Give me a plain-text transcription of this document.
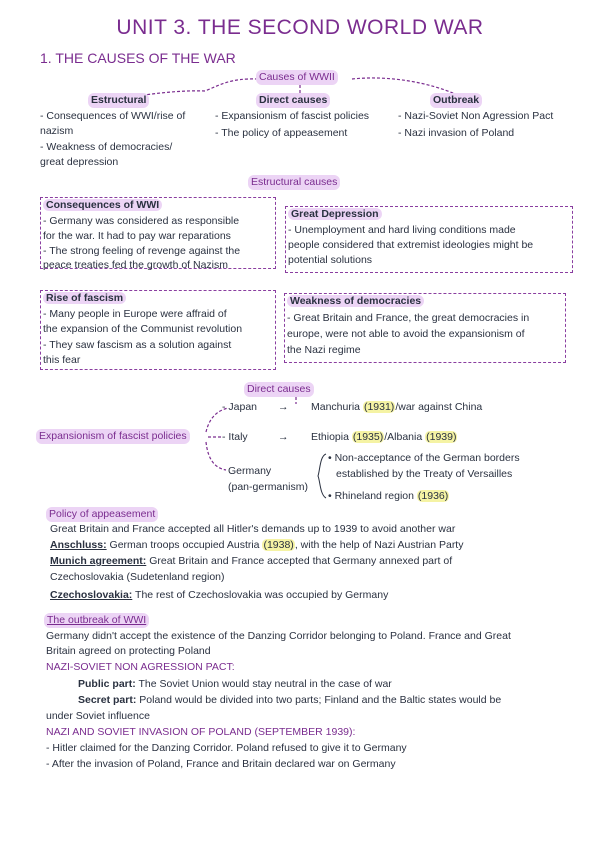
UNIT 3. THE SECOND WORLD WAR
1. THE CAUSES OF THE WAR
Causes of WWII
Estructural
- Consequences of WWI/rise of
nazism
- Weakness of democracies/
great depression
Direct causes
- Expansionism of fascist policies
- The policy of appeasement
Outbreak
- Nazi-Soviet Non Agression Pact
- Nazi invasion of Poland
Estructural causes
Consequences of WWI
- Germany was considered as responsible
for the war. It had to pay war reparations
- The strong feeling of revenge against the
peace treaties fed the growth of Nazism
Great Depression
- Unemployment and hard living conditions made
people considered that extremist ideologies might be
potential solutions
Rise of fascism
- Many people in Europe were affraid of
the expansion of the Communist revolution
- They saw fascism as a solution against
this fear
Weakness of democracies
- Great Britain and France, the great democracies in
europe, were not able to avoid the expansionism of
the Nazi regime
Direct causes
Expansionism of fascist policies
- Japan → Manchuria (1931)/war against China
- Italy	→ Ethiopia (1935)/Albania (1939)
Germany
(pan-germanism)
• Non-acceptance of the German borders
established by the Treaty of Versailles
• Rhineland region (1936)
Policy of appeasement
Great Britain and France accepted all Hitler's demands up to 1939 to avoid another war
Anschluss: German troops occupied Austria (1938), with the help of Nazi Austrian Party
Munich agreement: Great Britain and France accepted that Germany annexed part of
Czechoslovakia (Sudetenland region)
Czechoslovakia: The rest of Czechoslovakia was occupied by Germany
The outbreak of WWI
Germany didn't accept the existence of the Danzing Corridor belonging to Poland. France and Great
Britain agreed on protecting Poland
NAZI-SOVIET NON AGRESSION PACT:
Public part: The Soviet Union would stay neutral in the case of war
Secret part: Poland would be divided into two parts; Finland and the Baltic states would be
under Soviet influence
NAZI AND SOVIET INVASION OF POLAND (SEPTEMBER 1939):
- Hitler claimed for the Danzing Corridor. Poland refused to give it to Germany
- After the invasion of Poland, France and Britain declared war on Germany
